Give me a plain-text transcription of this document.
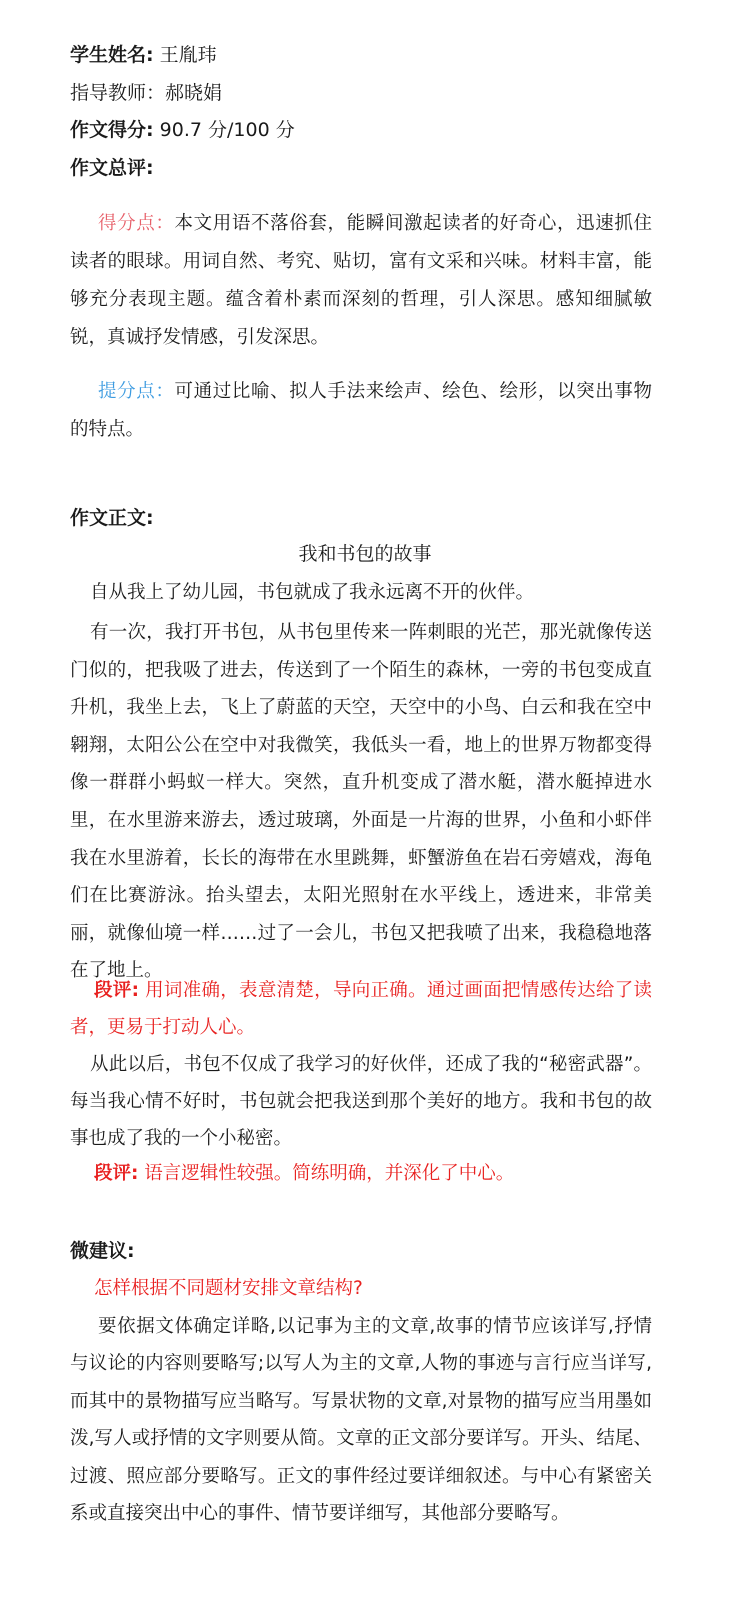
学生姓名: 王胤玮
指导教师：郝晓娟
作文得分: 90.7 分/100 分
作文总评:
得分点：本文用语不落俗套，能瞬间激起读者的好奇心，迅速抓住读者的眼球。用词自然、考究、贴切，富有文采和兴味。材料丰富，能够充分表现主题。蕴含着朴素而深刻的哲理，引人深思。感知细腻敏锐，真诚抒发情感，引发深思。
提分点：可通过比喻、拟人手法来绘声、绘色、绘形，以突出事物的特点。
作文正文:
我和书包的故事
自从我上了幼儿园，书包就成了我永远离不开的伙伴。
有一次，我打开书包，从书包里传来一阵刺眼的光芒，那光就像传送门似的，把我吸了进去，传送到了一个陌生的森林，一旁的书包变成直升机，我坐上去，飞上了蔚蓝的天空，天空中的小鸟、白云和我在空中翱翔，太阳公公在空中对我微笑，我低头一看，地上的世界万物都变得像一群群小蚂蚁一样大。突然，直升机变成了潜水艇，潜水艇掉进水里，在水里游来游去，透过玻璃，外面是一片海的世界，小鱼和小虾伴我在水里游着，长长的海带在水里跳舞，虾蟹游鱼在岩石旁嬉戏，海龟们在比赛游泳。抬头望去，太阳光照射在水平线上，透进来，非常美丽，就像仙境一样……过了一会儿，书包又把我喷了出来，我稳稳地落在了地上。
段评: 用词准确，表意清楚，导向正确。通过画面把情感传达给了读者，更易于打动人心。
从此以后，书包不仅成了我学习的好伙伴，还成了我的“秘密武器”。每当我心情不好时，书包就会把我送到那个美好的地方。我和书包的故事也成了我的一个小秘密。
段评: 语言逻辑性较强。简练明确，并深化了中心。
微建议:
怎样根据不同题材安排文章结构?
要依据文体确定详略,以记事为主的文章,故事的情节应该详写,抒情与议论的内容则要略写;以写人为主的文章,人物的事迹与言行应当详写,而其中的景物描写应当略写。写景状物的文章,对景物的描写应当用墨如泼,写人或抒情的文字则要从简。文章的正文部分要详写。开头、结尾、过渡、照应部分要略写。正文的事件经过要详细叙述。与中心有紧密关系或直接突出中心的事件、情节要详细写，其他部分要略写。
